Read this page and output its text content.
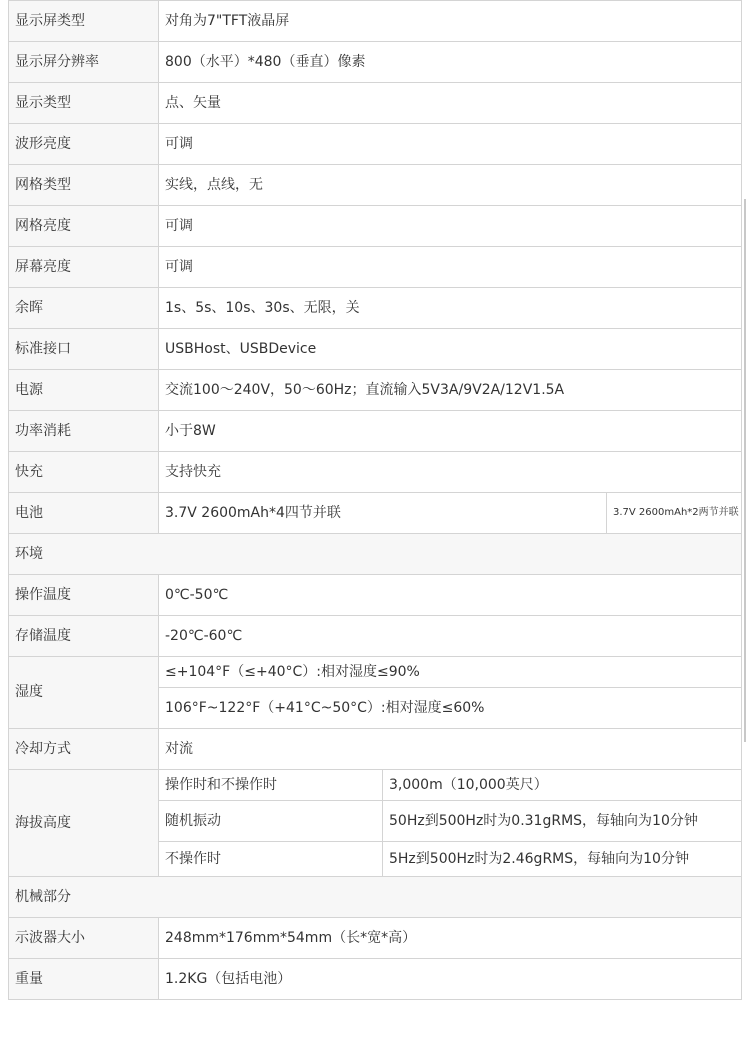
显示屏类型	对角为7"TFT液晶屏		
显示屏分辨率	800（水平）*480（垂直）像素		
显示类型	点、矢量		
波形亮度	可调		
网格类型	实线，点线，无		
网格亮度	可调		
屏幕亮度	可调		
余晖	1s、5s、10s、30s、无限，关		
标准接口	USBHost、USBDevice		
电源	交流100～240V，50～60Hz；直流输入5V3A/9V2A/12V1.5A		
功率消耗	小于8W		
快充	支持快充		
电池	3.7V 2600mAh*4四节并联		3.7V 2600mAh*2两节并联
环境			
操作温度	0℃-50℃		
存储温度	-20℃-60℃		
湿度	≤+104°F（≤+40°C）:相对湿度≤90%		
	106°F~122°F（+41°C~50°C）:相对湿度≤60%		
冷却方式	对流		
海拔高度	操作时和不操作时	3,000m（10,000英尺）	
	随机振动	50Hz到500Hz时为0.31gRMS，每轴向为10分钟	
	不操作时	5Hz到500Hz时为2.46gRMS，每轴向为10分钟	
机械部分			
示波器大小	248mm*176mm*54mm（长*宽*高）		
重量	1.2KG（包括电池）		
